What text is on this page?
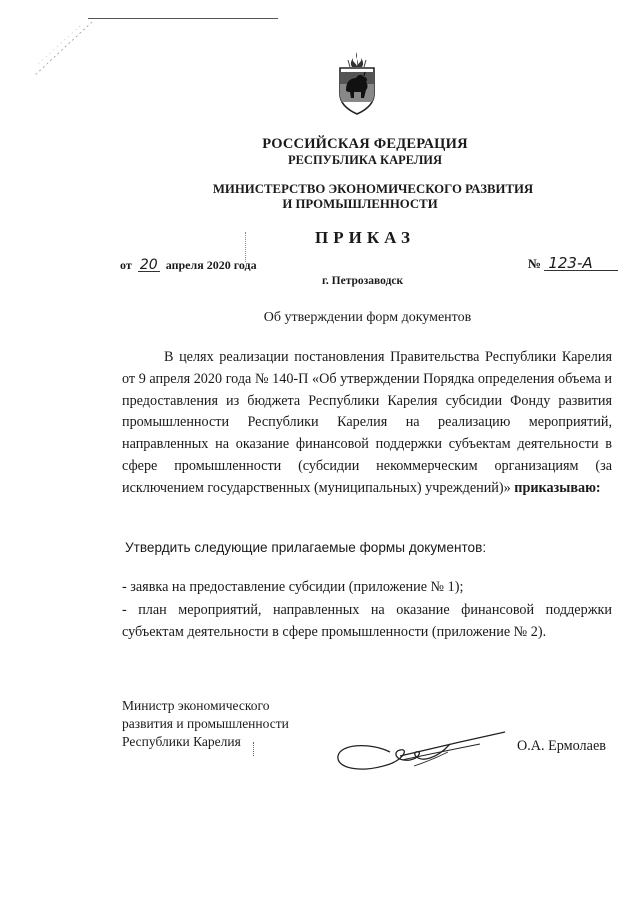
РОССИЙСКАЯ ФЕДЕРАЦИЯ
РЕСПУБЛИКА КАРЕЛИЯ
МИНИСТЕРСТВО ЭКОНОМИЧЕСКОГО РАЗВИТИЯ
И ПРОМЫШЛЕННОСТИ
ПРИКАЗ
от 20 апреля 2020 года	№ 123-А
г. Петрозаводск
Об утверждении форм документов
В целях реализации постановления Правительства Республики Карелия от 9 апреля 2020 года № 140-П «Об утверждении Порядка определения объема и предоставления из бюджета Республики Карелия субсидии Фонду развития промышленности Республики Карелия на реализацию мероприятий, направленных на оказание финансовой поддержки субъектам деятельности в сфере промышленности (субсидии некоммерческим организациям (за исключением государственных (муниципальных) учреждений)» приказываю:
Утвердить следующие прилагаемые формы документов:
- заявка на предоставление субсидии (приложение № 1);
- план мероприятий, направленных на оказание финансовой поддержки субъектам деятельности в сфере промышленности (приложение № 2).
Министр экономического
развития и промышленности
Республики Карелия	О.А. Ермолаев
